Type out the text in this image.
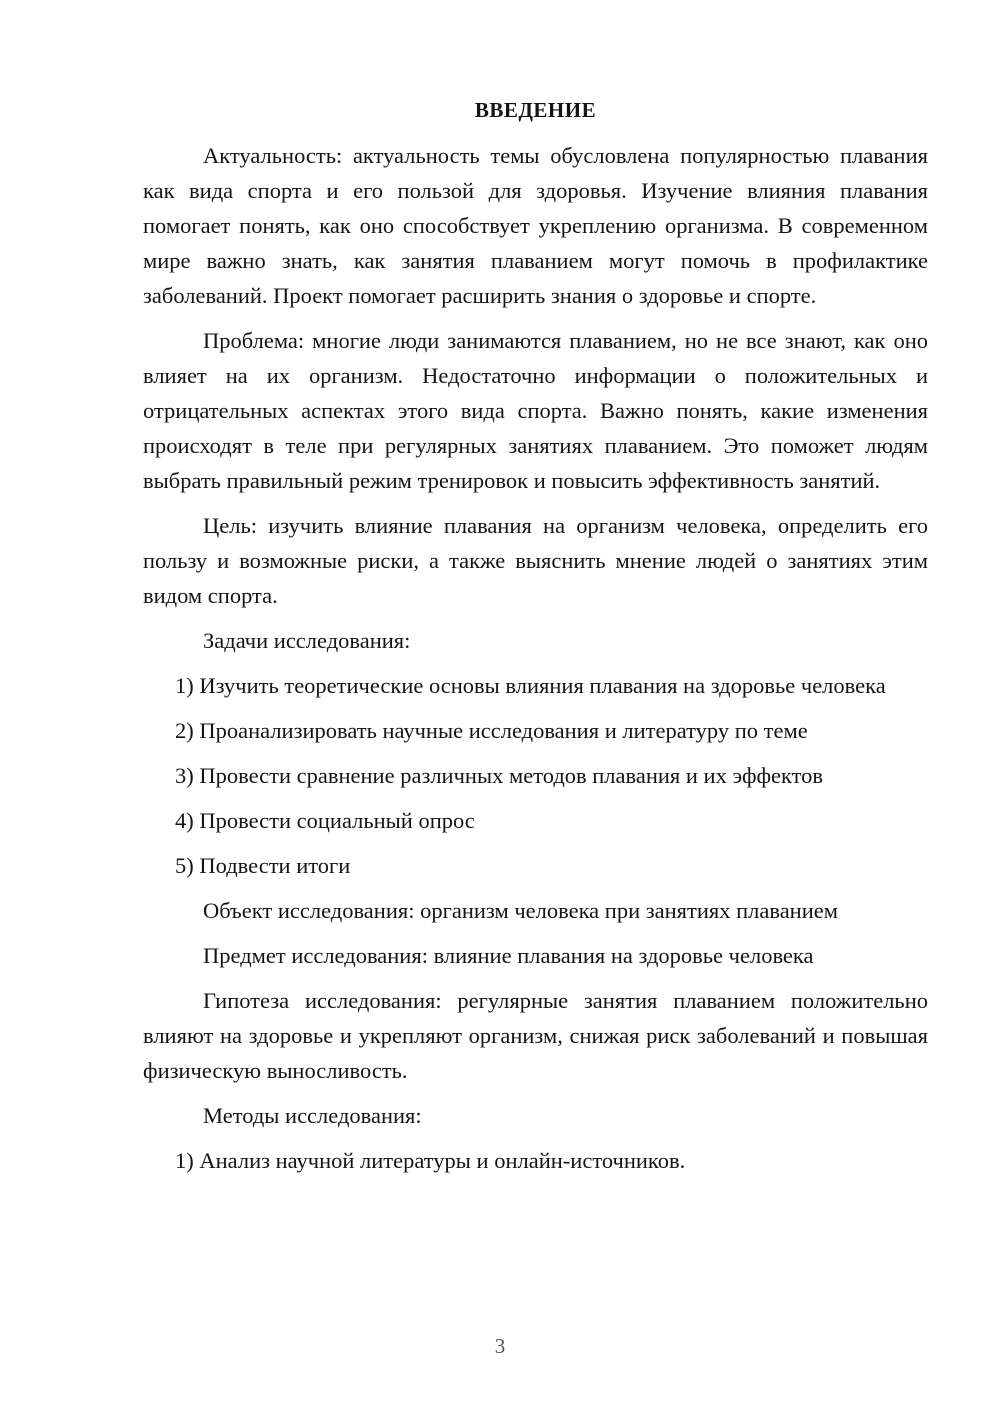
ВВЕДЕНИЕ

Актуальность: актуальность темы обусловлена популярностью плавания как вида спорта и его пользой для здоровья. Изучение влияния плавания помогает понять, как оно способствует укреплению организма. В современном мире важно знать, как занятия плаванием могут помочь в профилактике заболеваний. Проект помогает расширить знания о здоровье и спорте.

Проблема: многие люди занимаются плаванием, но не все знают, как оно влияет на их организм. Недостаточно информации о положительных и отрицательных аспектах этого вида спорта. Важно понять, какие изменения происходят в теле при регулярных занятиях плаванием. Это поможет людям выбрать правильный режим тренировок и повысить эффективность занятий.

Цель: изучить влияние плавания на организм человека, определить его пользу и возможные риски, а также выяснить мнение людей о занятиях этим видом спорта.

Задачи исследования:

1) Изучить теоретические основы влияния плавания на здоровье человека

2) Проанализировать научные исследования и литературу по теме

3) Провести сравнение различных методов плавания и их эффектов

4) Провести социальный опрос

5) Подвести итоги

Объект исследования: организм человека при занятиях плаванием

Предмет исследования: влияние плавания на здоровье человека

Гипотеза исследования: регулярные занятия плаванием положительно влияют на здоровье и укрепляют организм, снижая риск заболеваний и повышая физическую выносливость.

Методы исследования:

1) Анализ научной литературы и онлайн-источников.

3
